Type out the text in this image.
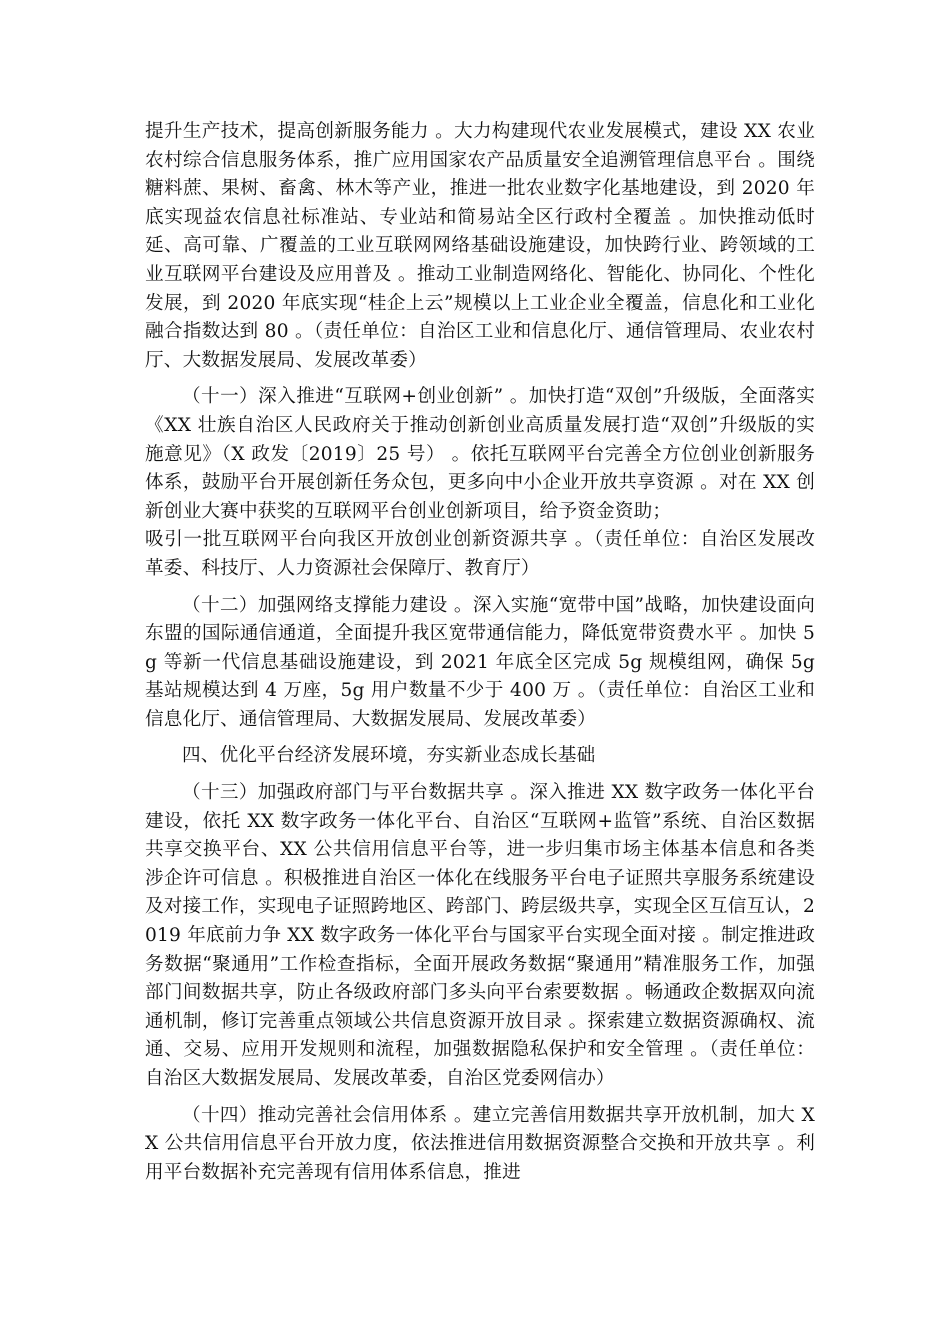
提升生产技术，提高创新服务能力 。大力构建现代农业发展模式，建设 XX 农业农村综合信息服务体系，推广应用国家农产品质量安全追溯管理信息平台 。围绕糖料蔗、果树、畜禽、林木等产业，推进一批农业数字化基地建设，到 2020 年底实现益农信息社标准站、专业站和简易站全区行政村全覆盖 。加快推动低时延、高可靠、广覆盖的工业互联网网络基础设施建设，加快跨行业、跨领域的工业互联网平台建设及应用普及 。推动工业制造网络化、智能化、协同化、个性化发展，到 2020 年底实现“桂企上云”规模以上工业企业全覆盖，信息化和工业化融合指数达到 80 。（责任单位：自治区工业和信息化厅、通信管理局、农业农村厅、大数据发展局、发展改革委）

（十一）深入推进“互联网+创业创新” 。加快打造“双创”升级版，全面落实《XX 壮族自治区人民政府关于推动创新创业高质量发展打造“双创”升级版的实施意见》（X 政发〔2019〕25 号） 。依托互联网平台完善全方位创业创新服务体系，鼓励平台开展创新任务众包，更多向中小企业开放共享资源 。对在 XX 创新创业大赛中获奖的互联网平台创业创新项目，给予资金资助；

吸引一批互联网平台向我区开放创业创新资源共享 。（责任单位：自治区发展改革委、科技厅、人力资源社会保障厅、教育厅）

（十二）加强网络支撑能力建设 。深入实施“宽带中国”战略，加快建设面向东盟的国际通信通道，全面提升我区宽带通信能力，降低宽带资费水平 。加快 5g 等新一代信息基础设施建设，到 2021 年底全区完成 5g 规模组网，确保 5g 基站规模达到 4 万座，5g 用户数量不少于 400 万 。（责任单位：自治区工业和信息化厅、通信管理局、大数据发展局、发展改革委）

四、优化平台经济发展环境，夯实新业态成长基础

（十三）加强政府部门与平台数据共享 。深入推进 XX 数字政务一体化平台建设，依托 XX 数字政务一体化平台、自治区“互联网+监管”系统、自治区数据共享交换平台、XX 公共信用信息平台等，进一步归集市场主体基本信息和各类涉企许可信息 。积极推进自治区一体化在线服务平台电子证照共享服务系统建设及对接工作，实现电子证照跨地区、跨部门、跨层级共享，实现全区互信互认，2019 年底前力争 XX 数字政务一体化平台与国家平台实现全面对接 。制定推进政务数据“聚通用”工作检查指标，全面开展政务数据“聚通用”精准服务工作，加强部门间数据共享，防止各级政府部门多头向平台索要数据 。畅通政企数据双向流通机制，修订完善重点领域公共信息资源开放目录 。探索建立数据资源确权、流通、交易、应用开发规则和流程，加强数据隐私保护和安全管理 。（责任单位：自治区大数据发展局、发展改革委，自治区党委网信办）

（十四）推动完善社会信用体系 。建立完善信用数据共享开放机制，加大 XX 公共信用信息平台开放力度，依法推进信用数据资源整合交换和开放共享 。利用平台数据补充完善现有信用体系信息，推进
